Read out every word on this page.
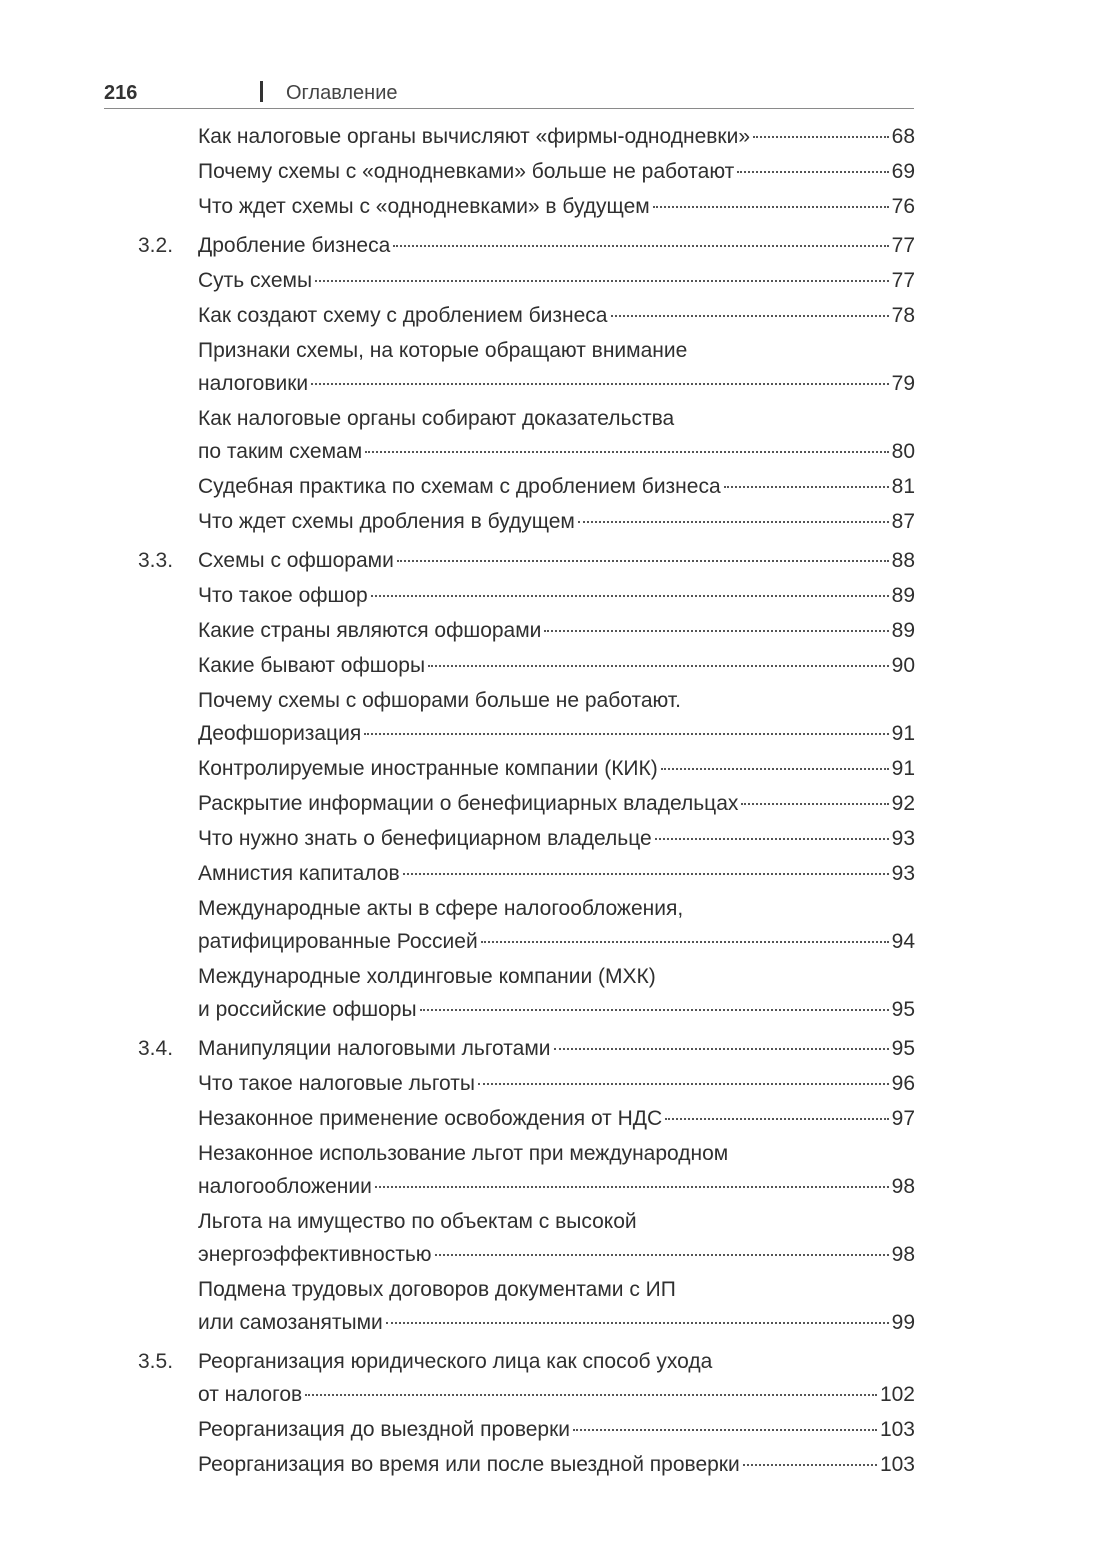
216	Оглавление
Как налоговые органы вычисляют «фирмы-однодневки»	68
Почему схемы с «однодневками» больше не работают	69
Что ждет схемы с «однодневками» в будущем	76
3.2. Дробление бизнеса	77
Суть схемы	77
Как создают схему с дроблением бизнеса	78
Признаки схемы, на которые обращают внимание
налоговики	79
Как налоговые органы собирают доказательства
по таким схемам	80
Судебная практика по схемам с дроблением бизнеса	81
Что ждет схемы дробления в будущем	87
3.3. Схемы с офшорами	88
Что такое офшор	89
Какие страны являются офшорами	89
Какие бывают офшоры	90
Почему схемы с офшорами больше не работают.
Деофшоризация	91
Контролируемые иностранные компании (КИК)	91
Раскрытие информации о бенефициарных владельцах	92
Что нужно знать о бенефициарном владельце	93
Амнистия капиталов	93
Международные акты в сфере налогообложения,
ратифицированные Россией	94
Международные холдинговые компании (МХК)
и российские офшоры	95
3.4. Манипуляции налоговыми льготами	95
Что такое налоговые льготы	96
Незаконное применение освобождения от НДС	97
Незаконное использование льгот при международном
налогообложении	98
Льгота на имущество по объектам с высокой
энергоэффективностью	98
Подмена трудовых договоров документами с ИП
или самозанятыми	99
3.5. Реорганизация юридического лица как способ ухода
от налогов	102
Реорганизация до выездной проверки	103
Реорганизация во время или после выездной проверки	103
